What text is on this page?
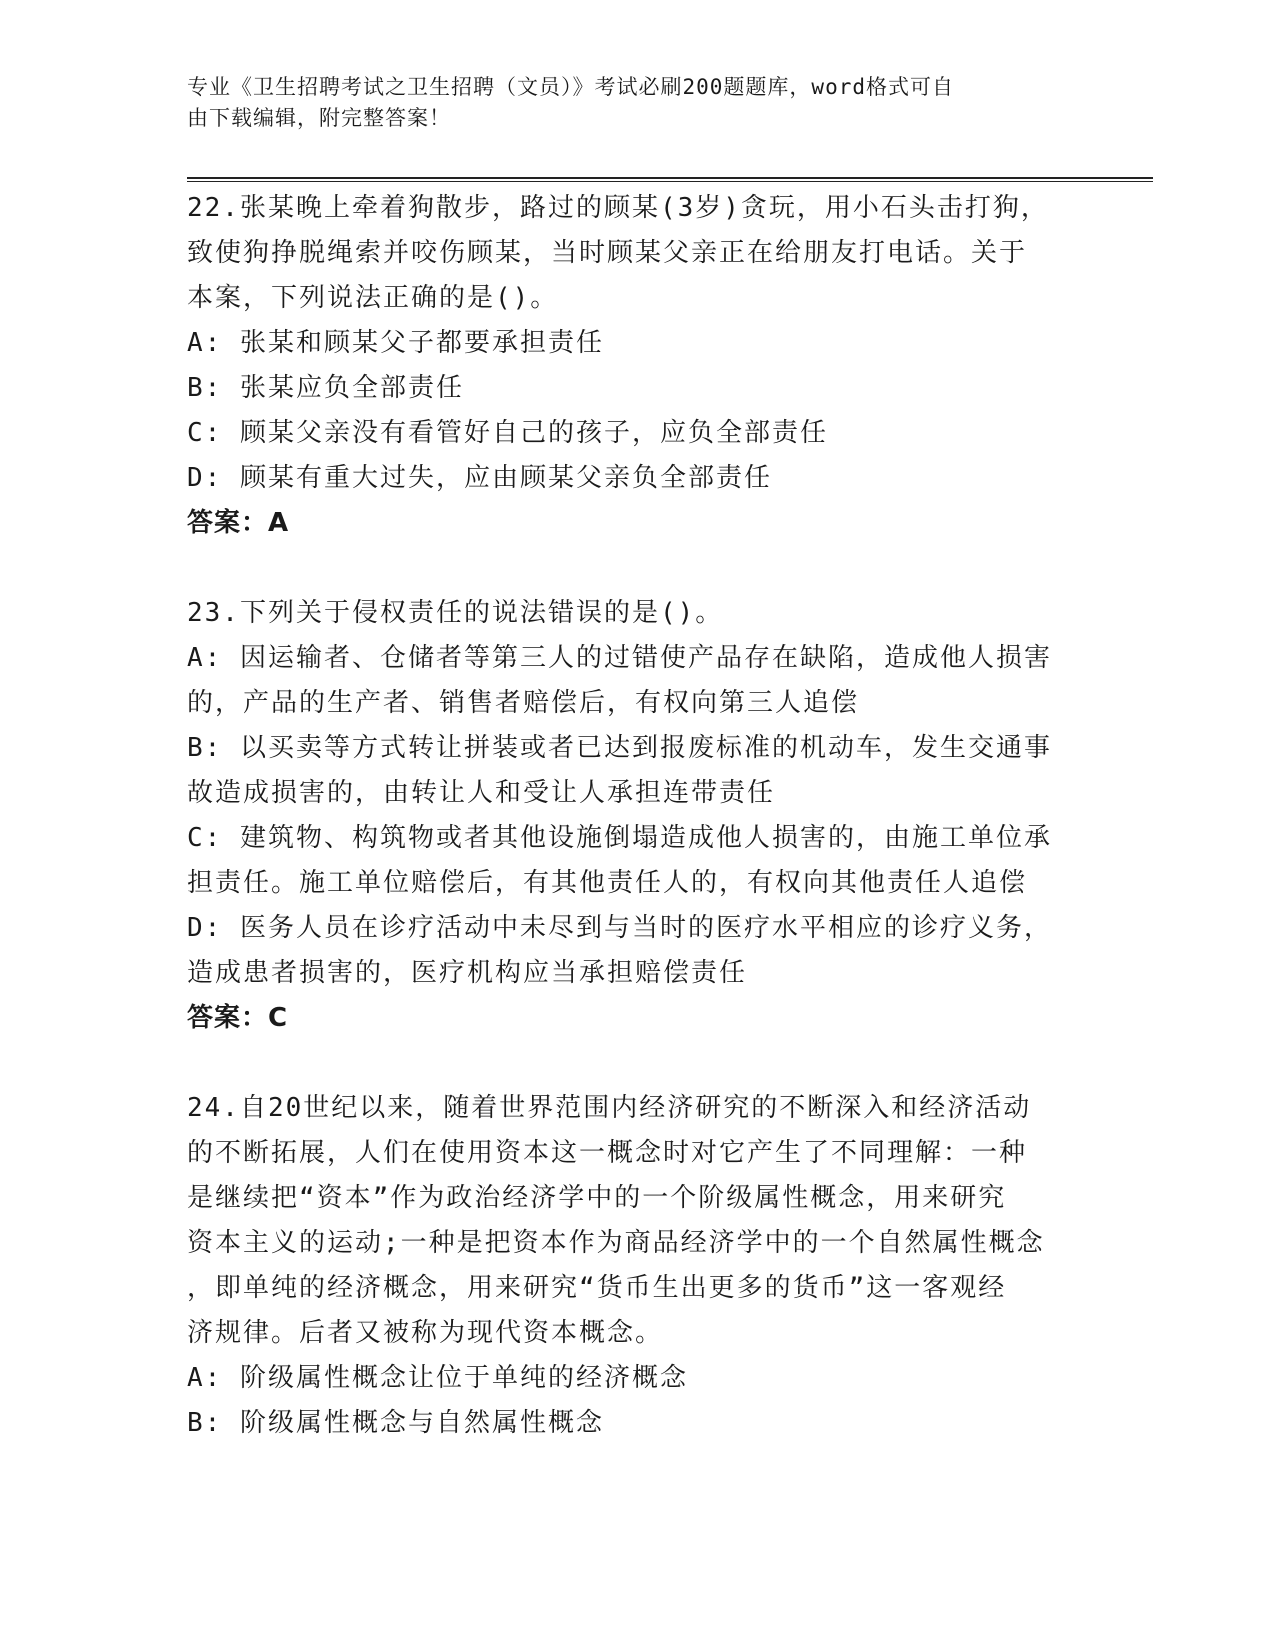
专业《卫生招聘考试之卫生招聘（文员）》考试必刷200题题库，word格式可自
由下载编辑，附完整答案！
22.张某晚上牵着狗散步，路过的顾某(3岁)贪玩，用小石头击打狗，
致使狗挣脱绳索并咬伤顾某，当时顾某父亲正在给朋友打电话。关于
本案，下列说法正确的是()。
A: 张某和顾某父子都要承担责任
B: 张某应负全部责任
C: 顾某父亲没有看管好自己的孩子，应负全部责任
D: 顾某有重大过失，应由顾某父亲负全部责任
答案：A
23.下列关于侵权责任的说法错误的是()。
A: 因运输者、仓储者等第三人的过错使产品存在缺陷，造成他人损害
的，产品的生产者、销售者赔偿后，有权向第三人追偿
B: 以买卖等方式转让拼装或者已达到报废标准的机动车，发生交通事
故造成损害的，由转让人和受让人承担连带责任
C: 建筑物、构筑物或者其他设施倒塌造成他人损害的，由施工单位承
担责任。施工单位赔偿后，有其他责任人的，有权向其他责任人追偿
D: 医务人员在诊疗活动中未尽到与当时的医疗水平相应的诊疗义务，
造成患者损害的，医疗机构应当承担赔偿责任
答案：C
24.自20世纪以来，随着世界范围内经济研究的不断深入和经济活动
的不断拓展，人们在使用资本这一概念时对它产生了不同理解：一种
是继续把“资本”作为政治经济学中的一个阶级属性概念，用来研究
资本主义的运动;一种是把资本作为商品经济学中的一个自然属性概念
，即单纯的经济概念，用来研究“货币生出更多的货币”这一客观经
济规律。后者又被称为现代资本概念。
A: 阶级属性概念让位于单纯的经济概念
B: 阶级属性概念与自然属性概念
